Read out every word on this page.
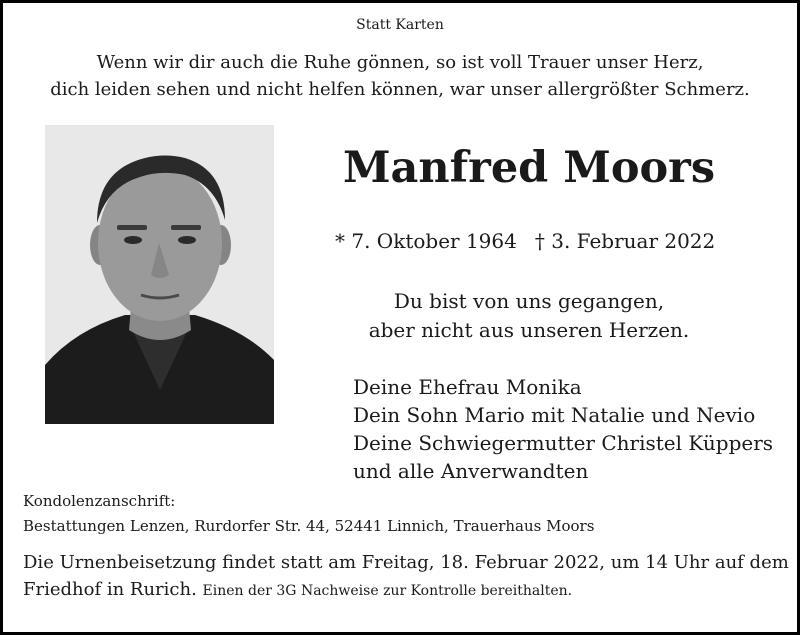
Statt Karten
Wenn wir dir auch die Ruhe gönnen, so ist voll Trauer unser Herz,
dich leiden sehen und nicht helfen können, war unser allergrößter Schmerz.
Manfred Moors
* 7. Oktober 1964 † 3. Februar 2022
Du bist von uns gegangen,
aber nicht aus unseren Herzen.
Deine Ehefrau Monika
Dein Sohn Mario mit Natalie und Nevio
Deine Schwiegermutter Christel Küppers
und alle Anverwandten
Kondolenzanschrift:
Bestattungen Lenzen, Rurdorfer Str. 44, 52441 Linnich, Trauerhaus Moors
Die Urnenbeisetzung findet statt am Freitag, 18. Februar 2022, um 14 Uhr auf dem
Friedhof in Rurich. Einen der 3G Nachweise zur Kontrolle bereithalten.
